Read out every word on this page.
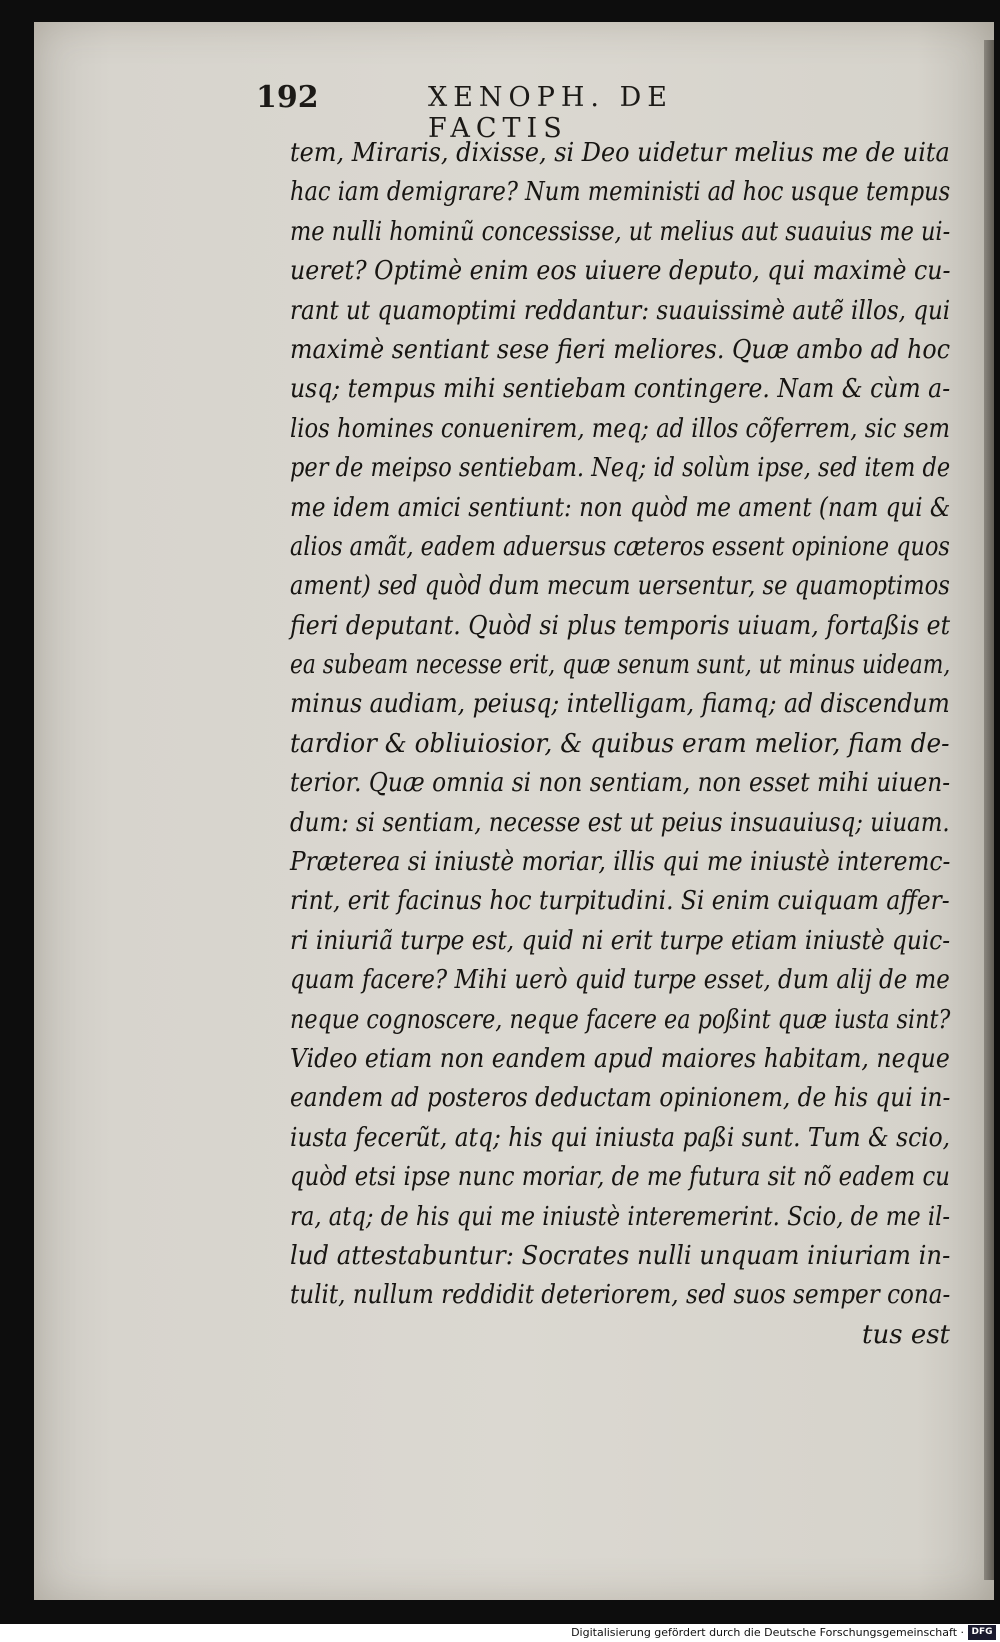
192	XENOPH. DE FACTIS
tem, Miraris, dixisse, si Deo uidetur melius me de uita
hac iam demigrare? Num meministi ad hoc usque tempus
me nulli hominũ concessisse, ut melius aut suauius me ui-
ueret? Optimè enim eos uiuere deputo, qui maximè cu-
rant ut quamoptimi reddantur: suauissimè autẽ illos, qui
maximè sentiant sese fieri meliores. Quæ ambo ad hoc
usq; tempus mihi sentiebam contingere. Nam & cùm a-
lios homines conuenirem, meq; ad illos cõferrem, sic sem
per de meipso sentiebam. Neq; id solùm ipse, sed item de
me idem amici sentiunt: non quòd me ament (nam qui &
alios amãt, eadem aduersus cæteros essent opinione quos
ament) sed quòd dum mecum uersentur, se quamoptimos
fieri deputant. Quòd si plus temporis uiuam, fortaßis et
ea subeam necesse erit, quæ senum sunt, ut minus uideam,
minus audiam, peiusq; intelligam, fiamq; ad discendum
tardior & obliuiosior, & quibus eram melior, fiam de-
terior. Quæ omnia si non sentiam, non esset mihi uiuen-
dum: si sentiam, necesse est ut peius insuauiusq; uiuam.
Præterea si iniustè moriar, illis qui me iniustè interemc-
rint, erit facinus hoc turpitudini. Si enim cuiquam affer-
ri iniuriã turpe est, quid ni erit turpe etiam iniustè quic-
quam facere? Mihi uerò quid turpe esset, dum alij de me
neque cognoscere, neque facere ea poßint quæ iusta sint?
Video etiam non eandem apud maiores habitam, neque
eandem ad posteros deductam opinionem, de his qui in-
iusta fecerũt, atq; his qui iniusta paßi sunt. Tum & scio,
quòd etsi ipse nunc moriar, de me futura sit nõ eadem cu
ra, atq; de his qui me iniustè interemerint. Scio, de me il-
lud attestabuntur: Socrates nulli unquam iniuriam in-
tulit, nullum reddidit deteriorem, sed suos semper cona-
tus est
Digitalisierung gefördert durch die Deutsche Forschungsgemeinschaft · DFG
